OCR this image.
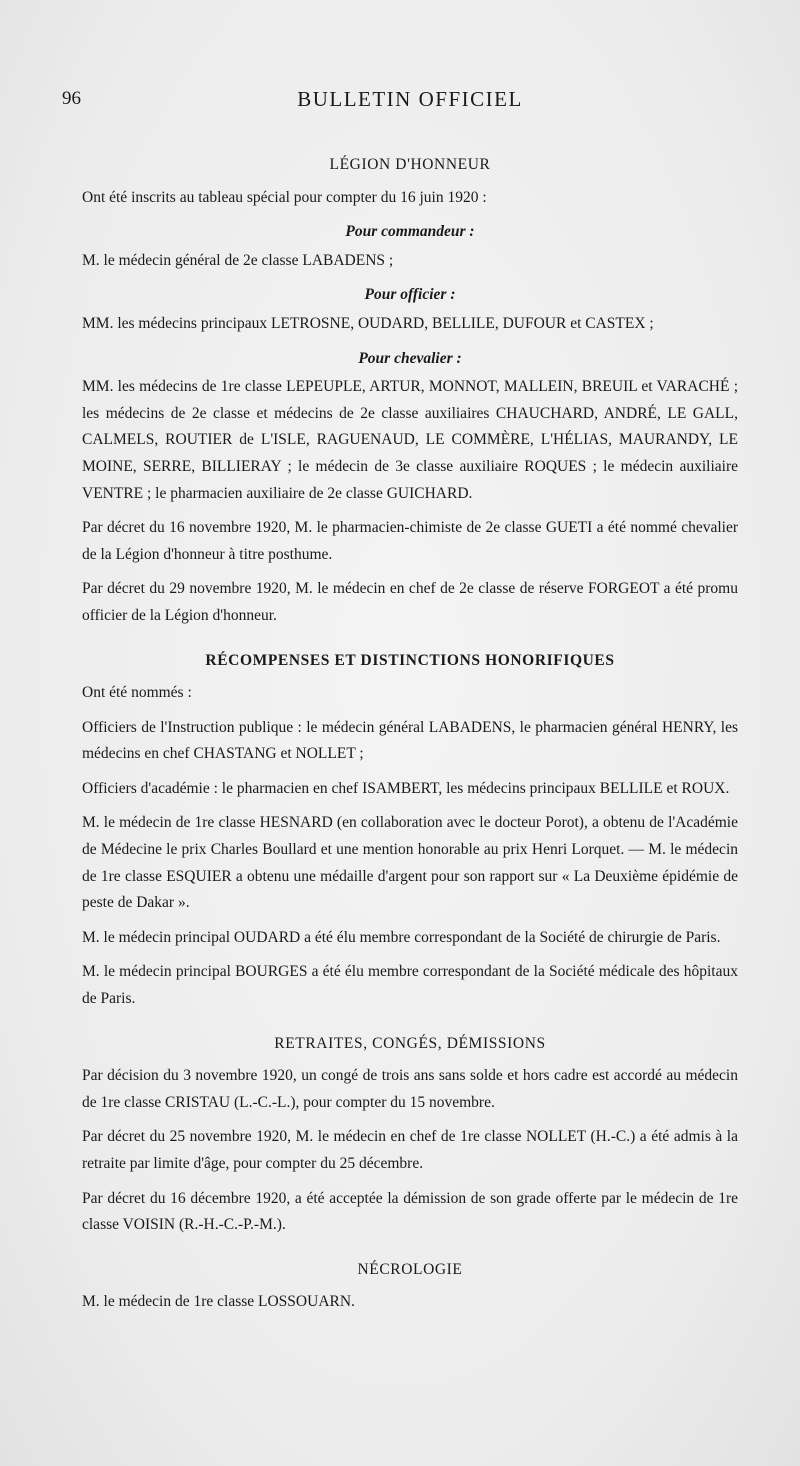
96	BULLETIN OFFICIEL
LÉGION D'HONNEUR

Ont été inscrits au tableau spécial pour compter du 16 juin 1920 :

Pour commandeur :

M. le médecin général de 2e classe LABADENS ;

Pour officier :

MM. les médecins principaux LETROSNE, OUDARD, BELLILE, DUFOUR et CASTEX ;

Pour chevalier :

MM. les médecins de 1re classe LEPEUPLE, ARTUR, MONNOT, MALLEIN, BREUIL et VARACHÉ ; les médecins de 2e classe et médecins de 2e classe auxiliaires CHAUCHARD, ANDRÉ, LE GALL, CALMELS, ROUTIER de L'ISLE, RAGUENAUD, LE COMMÈRE, L'HÉLIAS, MAURANDY, LE MOINE, SERRE, BILLIERAY ; le médecin de 3e classe auxiliaire ROQUES ; le médecin auxiliaire VENTRE ; le pharmacien auxiliaire de 2e classe GUICHARD.

Par décret du 16 novembre 1920, M. le pharmacien-chimiste de 2e classe GUETI a été nommé chevalier de la Légion d'honneur à titre posthume.

Par décret du 29 novembre 1920, M. le médecin en chef de 2e classe de réserve FORGEOT a été promu officier de la Légion d'honneur.

RÉCOMPENSES ET DISTINCTIONS HONORIFIQUES

Ont été nommés :

Officiers de l'Instruction publique : le médecin général LABADENS, le pharmacien général HENRY, les médecins en chef CHASTANG et NOLLET ;

Officiers d'académie : le pharmacien en chef ISAMBERT, les médecins principaux BELLILE et ROUX.

M. le médecin de 1re classe HESNARD (en collaboration avec le docteur Porot), a obtenu de l'Académie de Médecine le prix Charles Boullard et une mention honorable au prix Henri Lorquet. — M. le médecin de 1re classe ESQUIER a obtenu une médaille d'argent pour son rapport sur « La Deuxième épidémie de peste de Dakar ».

M. le médecin principal OUDARD a été élu membre correspondant de la Société de chirurgie de Paris.

M. le médecin principal BOURGES a été élu membre correspondant de la Société médicale des hôpitaux de Paris.

RETRAITES, CONGÉS, DÉMISSIONS

Par décision du 3 novembre 1920, un congé de trois ans sans solde et hors cadre est accordé au médecin de 1re classe CRISTAU (L.-C.-L.), pour compter du 15 novembre.

Par décret du 25 novembre 1920, M. le médecin en chef de 1re classe NOLLET (H.-C.) a été admis à la retraite par limite d'âge, pour compter du 25 décembre.

Par décret du 16 décembre 1920, a été acceptée la démission de son grade offerte par le médecin de 1re classe VOISIN (R.-H.-C.-P.-M.).

NÉCROLOGIE

M. le médecin de 1re classe LOSSOUARN.
